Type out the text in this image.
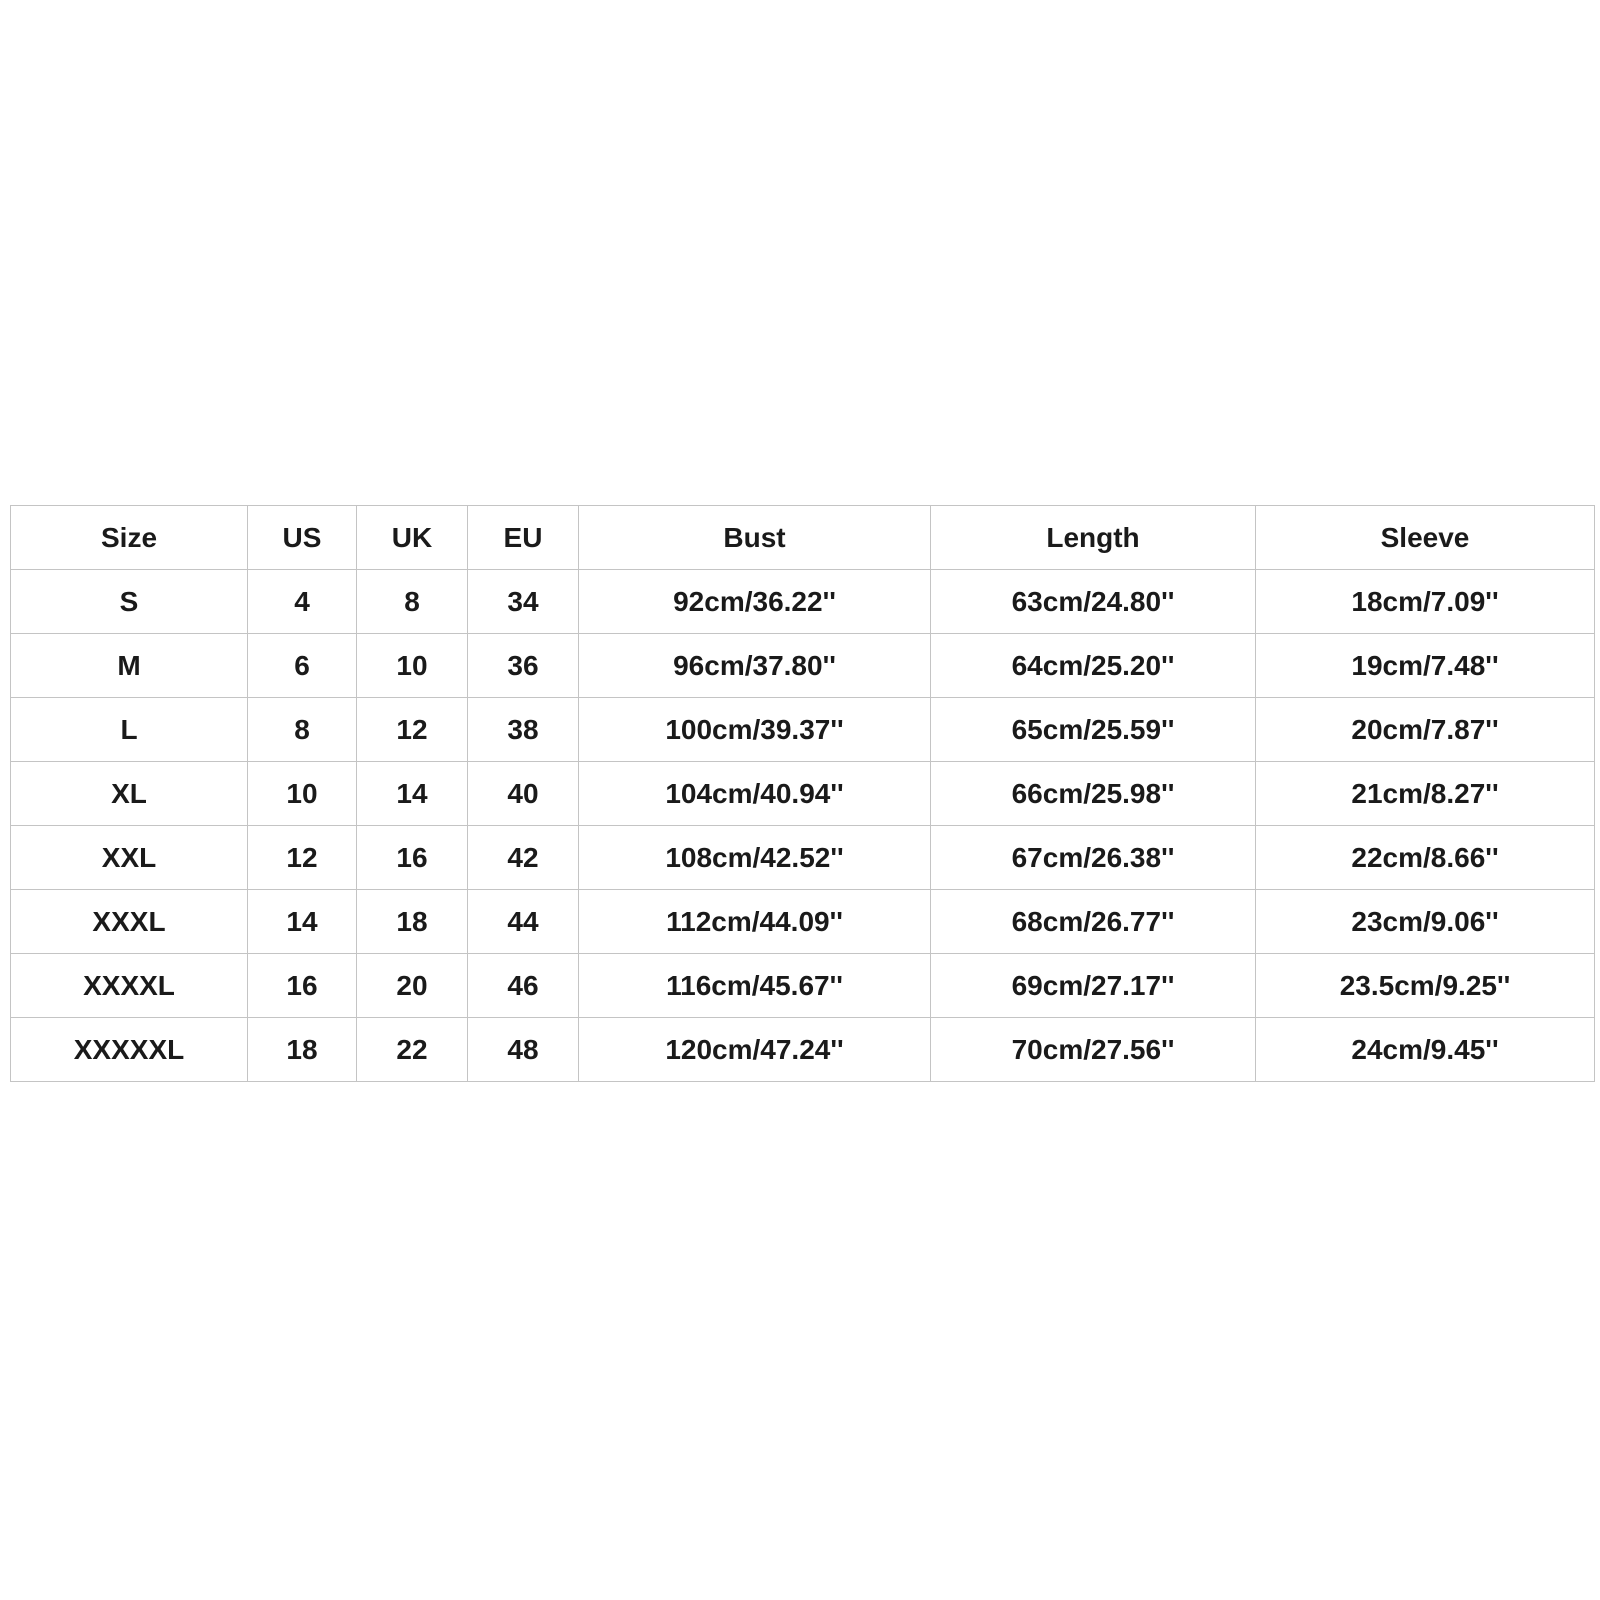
Size	US	UK	EU	Bust	Length	Sleeve
S	4	8	34	92cm/36.22''	63cm/24.80''	18cm/7.09''
M	6	10	36	96cm/37.80''	64cm/25.20''	19cm/7.48''
L	8	12	38	100cm/39.37''	65cm/25.59''	20cm/7.87''
XL	10	14	40	104cm/40.94''	66cm/25.98''	21cm/8.27''
XXL	12	16	42	108cm/42.52''	67cm/26.38''	22cm/8.66''
XXXL	14	18	44	112cm/44.09''	68cm/26.77''	23cm/9.06''
XXXXL	16	20	46	116cm/45.67''	69cm/27.17''	23.5cm/9.25''
XXXXXL	18	22	48	120cm/47.24''	70cm/27.56''	24cm/9.45''
